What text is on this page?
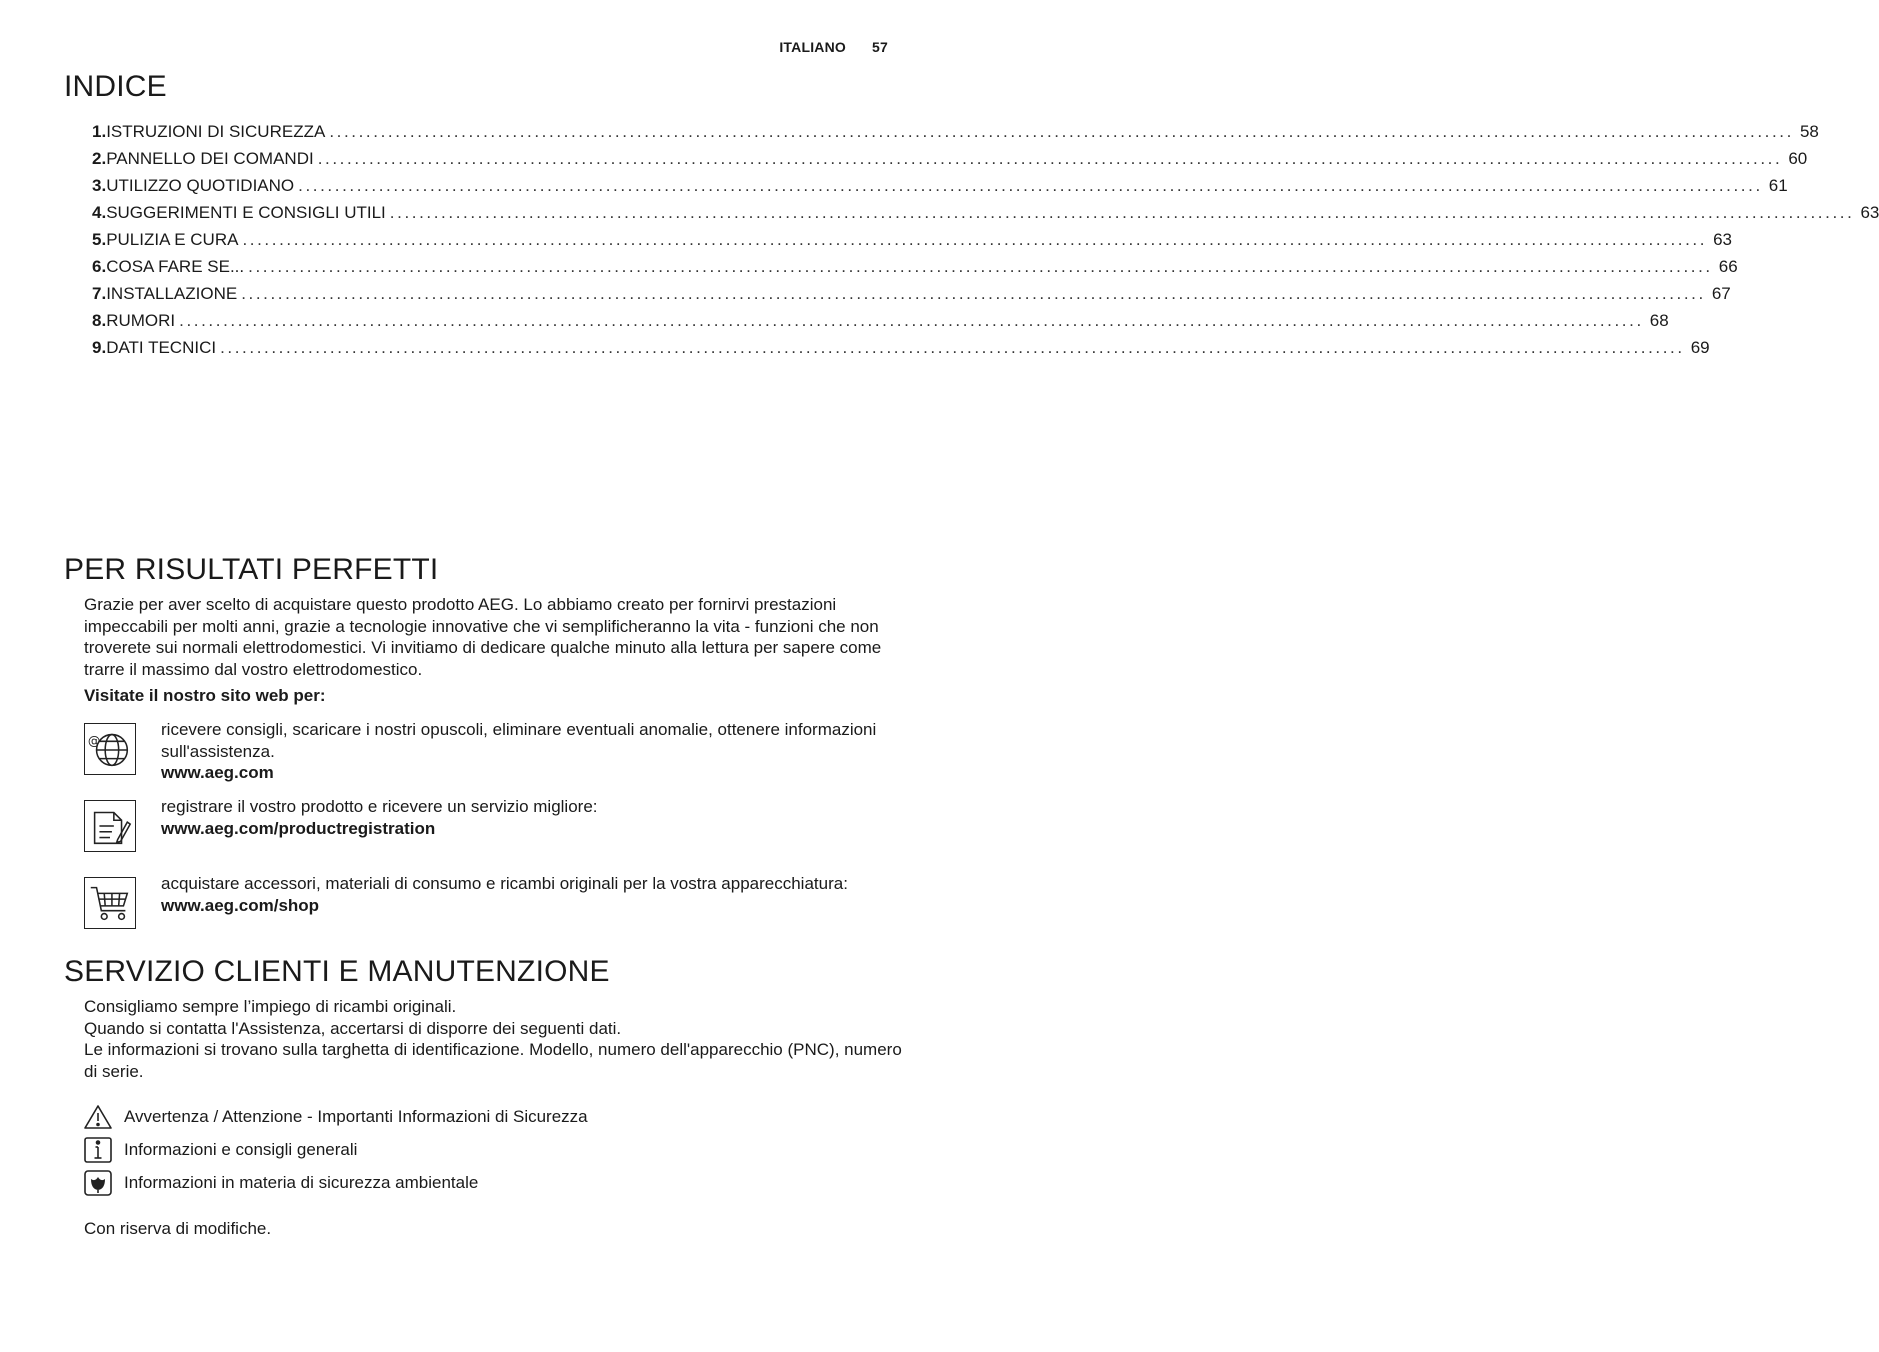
ITALIANO 57
INDICE
1. ISTRUZIONI DI SICUREZZA ........................................................................................................................................................................................................ 58
2. PANNELLO DEI COMANDI ........................................................................................................................................................................................................ 60
3. UTILIZZO QUOTIDIANO ........................................................................................................................................................................................................ 61
4. SUGGERIMENTI E CONSIGLI UTILI ........................................................................................................................................................................................................ 63
5. PULIZIA E CURA ........................................................................................................................................................................................................ 63
6. COSA FARE SE... ........................................................................................................................................................................................................ 66
7. INSTALLAZIONE ........................................................................................................................................................................................................ 67
8. RUMORI ........................................................................................................................................................................................................ 68
9. DATI TECNICI ........................................................................................................................................................................................................ 69
PER RISULTATI PERFETTI
Grazie per aver scelto di acquistare questo prodotto AEG. Lo abbiamo creato per fornirvi prestazioni impeccabili per molti anni, grazie a tecnologie innovative che vi semplificheranno la vita - funzioni che non troverete sui normali elettrodomestici. Vi invitiamo di dedicare qualche minuto alla lettura per sapere come trarre il massimo dal vostro elettrodomestico.
Visitate il nostro sito web per:
@
ricevere consigli, scaricare i nostri opuscoli, eliminare eventuali anomalie, ottenere informazioni sull'assistenza.
www.aeg.com
registrare il vostro prodotto e ricevere un servizio migliore:
www.aeg.com/productregistration
acquistare accessori, materiali di consumo e ricambi originali per la vostra apparecchiatura:
www.aeg.com/shop
SERVIZIO CLIENTI E MANUTENZIONE
Consigliamo sempre l’impiego di ricambi originali.
Quando si contatta l'Assistenza, accertarsi di disporre dei seguenti dati.
Le informazioni si trovano sulla targhetta di identificazione. Modello, numero dell'apparecchio (PNC), numero di serie.
Avvertenza / Attenzione - Importanti Informazioni di Sicurezza
Informazioni e consigli generali
Informazioni in materia di sicurezza ambientale
Con riserva di modifiche.
